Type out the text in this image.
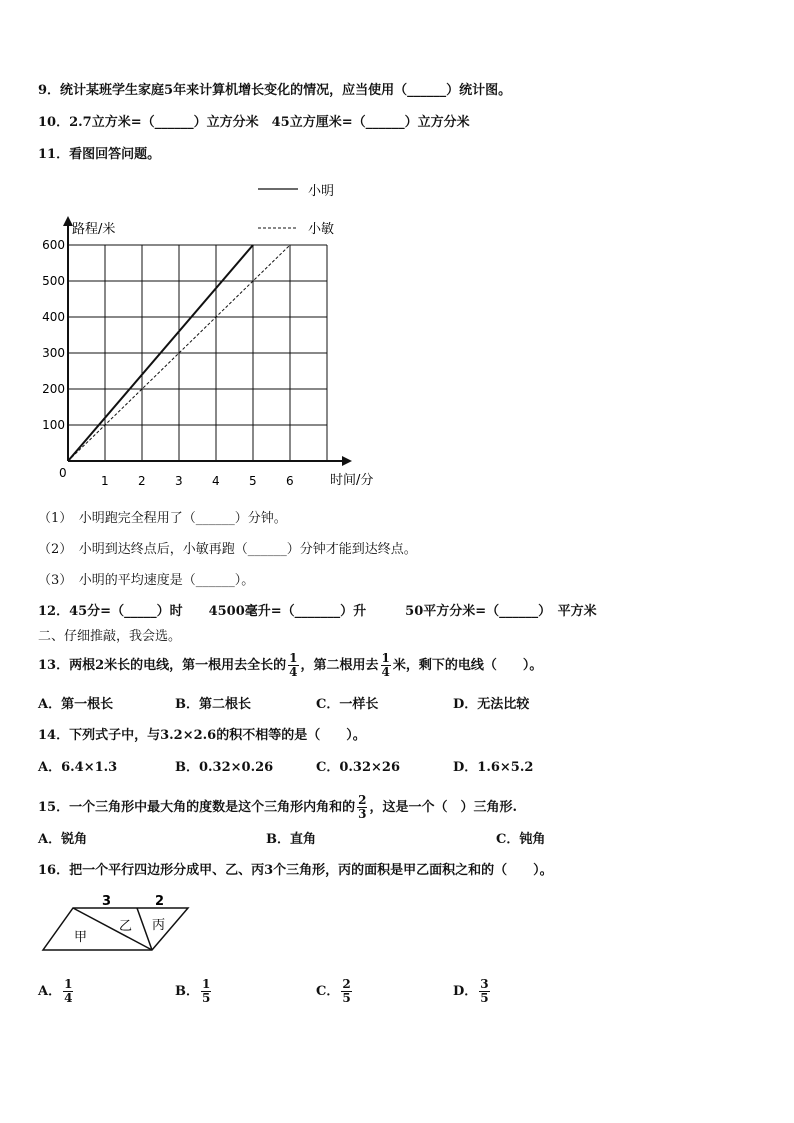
9．统计某班学生家庭5年来计算机增长变化的情况，应当使用（______）统计图。
10．2.7立方米=（______）立方分米　45立方厘米=（______）立方分米
11．看图回答问题。
1 2 3 4 5 6
100
200
300
400
500
600
路程/米
时间/分
0
小明
小敏
（1）　小明跑完全程用了（______）分钟。
（2）　小明到达终点后，小敏再跑（______）分钟才能到达终点。
（3）　小明的平均速度是（______）。
12．45分=（_____）时　　4500毫升=（_______）升　　　50平方分米=（______）　平方米
二、仔细推敲，我会选。
13．两根2米长的电线，第一根用去全长的 $\frac{1}{4}$ ，第二根用去 $\frac{1}{4}$ 米，剩下的电线（　　）。
A．第一根长	B．第二根长	C．一样长	D．无法比较
14．下列式子中，与3.2×2.6的积不相等的是（　　）。
A．6.4×1.3	B．0.32×0.26	C．0.32×26	D．1.6×5.2
15．一个三角形中最大角的度数是这个三角形内角和的 $\frac{2}{3}$ ，这是一个（　）三角形.
A．锐角	B．直角	C．钝角
16．把一个平行四边形分成甲、乙、丙3个三角形，丙的面积是甲乙面积之和的（　　）。
3	2
甲
乙 丙
A． $\frac{1}{4}$	B． $\frac{1}{5}$	C． $\frac{2}{5}$	D． $\frac{3}{5}$
